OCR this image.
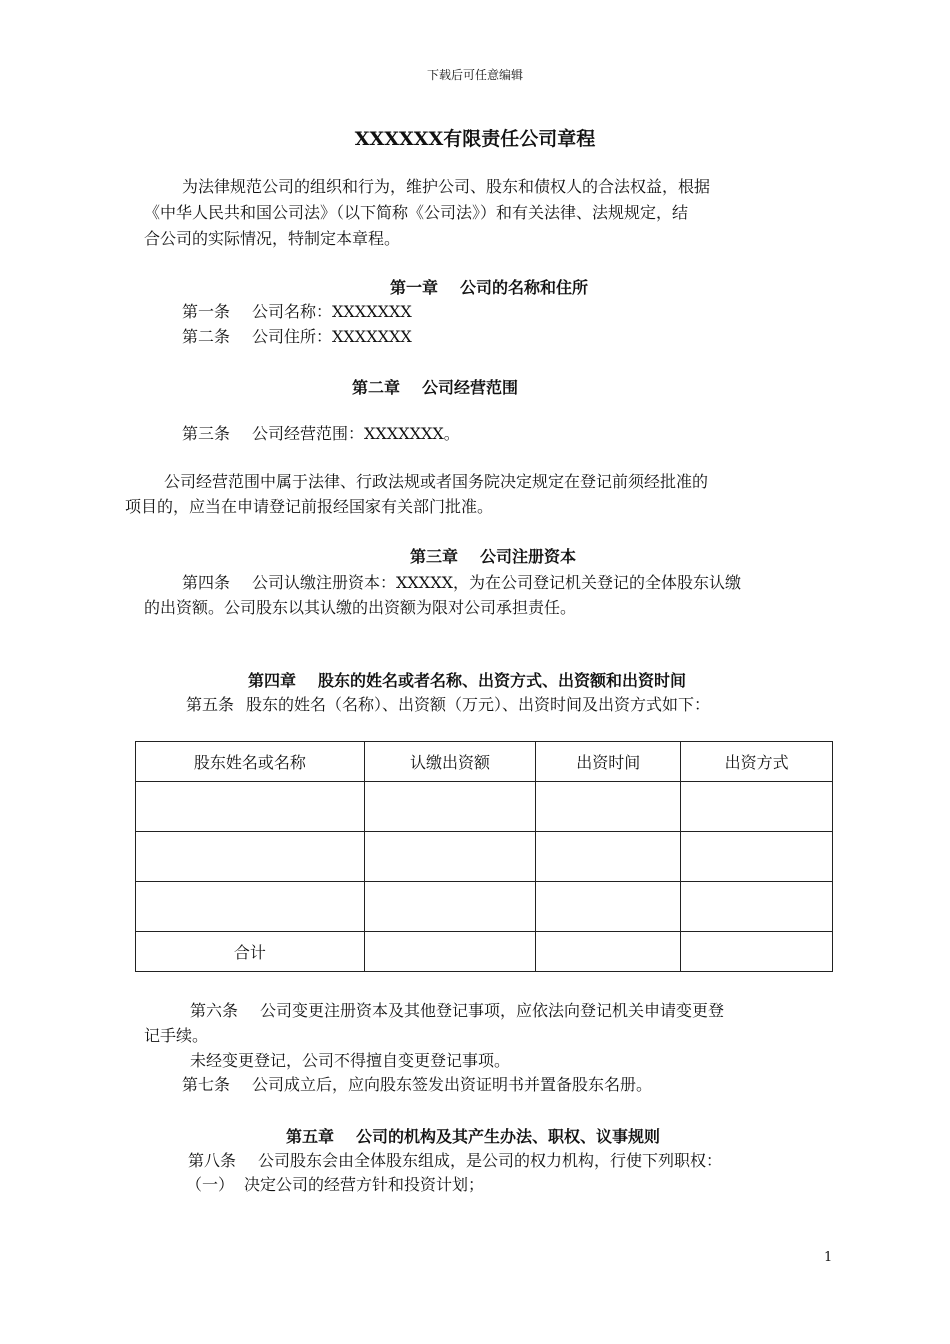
下载后可任意编辑
XXXXXX有限责任公司章程
为法律规范公司的组织和行为，维护公司、股东和债权人的合法权益，根据
《中华人民共和国公司法》（以下简称《公司法》）和有关法律、法规规定，结
合公司的实际情况，特制定本章程。
第一章 公司的名称和住所
第一条 公司名称：XXXXXXX
第二条 公司住所：XXXXXXX
第二章 公司经营范围
第三条 公司经营范围：XXXXXXX。
公司经营范围中属于法律、行政法规或者国务院决定规定在登记前须经批准的
项目的，应当在申请登记前报经国家有关部门批准。
第三章 公司注册资本
第四条 公司认缴注册资本：XXXXX，为在公司登记机关登记的全体股东认缴
的出资额。公司股东以其认缴的出资额为限对公司承担责任。
第四章 股东的姓名或者名称、出资方式、出资额和出资时间
第五条 股东的姓名（名称）、出资额（万元）、出资时间及出资方式如下：
股东姓名或名称	认缴出资额	出资时间	出资方式

合计			
第六条 公司变更注册资本及其他登记事项，应依法向登记机关申请变更登
记手续。
未经变更登记，公司不得擅自变更登记事项。
第七条 公司成立后，应向股东签发出资证明书并置备股东名册。
第五章 公司的机构及其产生办法、职权、议事规则
第八条 公司股东会由全体股东组成，是公司的权力机构，行使下列职权：
（一） 决定公司的经营方针和投资计划；
1
